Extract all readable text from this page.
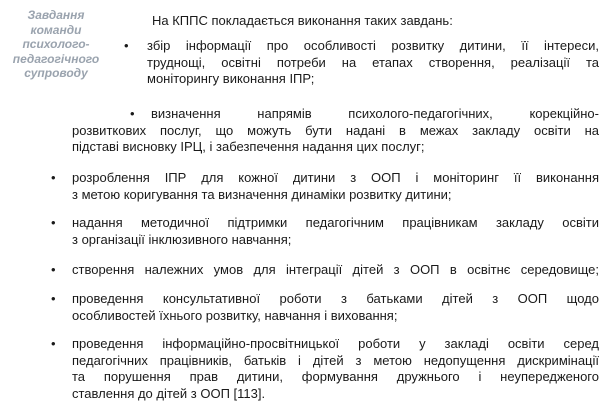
Завдання
команди
психолого-
педагогічного
супроводу
На КППС покладається виконання таких завдань:
• збір інформації про особливості розвитку дитини, її інтереси,
труднощі, освітні потреби на етапах створення, реалізації та
моніторингу виконання ІПР;
•	визначення напрямів психолого-педагогічних, корекційно-
розвиткових послуг, що можуть бути надані в межах закладу освіти на
підставі висновку ІРЦ, і забезпечення надання цих послуг;
• розроблення ІПР для кожної дитини з ООП і моніторинг її виконання
з метою коригування та визначення динаміки розвитку дитини;
• надання методичної підтримки педагогічним працівникам закладу освіти
з організації інклюзивного навчання;
• створення належних умов для інтеграції дітей з ООП в освітнє середовище;
• проведення консультативної роботи з батьками дітей з ООП щодо
особливостей їхнього розвитку, навчання і виховання;
• проведення інформаційно-просвітницької роботи у закладі освіти серед
педагогічних працівників, батьків і дітей з метою недопущення дискримінації
та порушення прав дитини, формування дружнього і неупередженого
ставлення до дітей з ООП [113].
